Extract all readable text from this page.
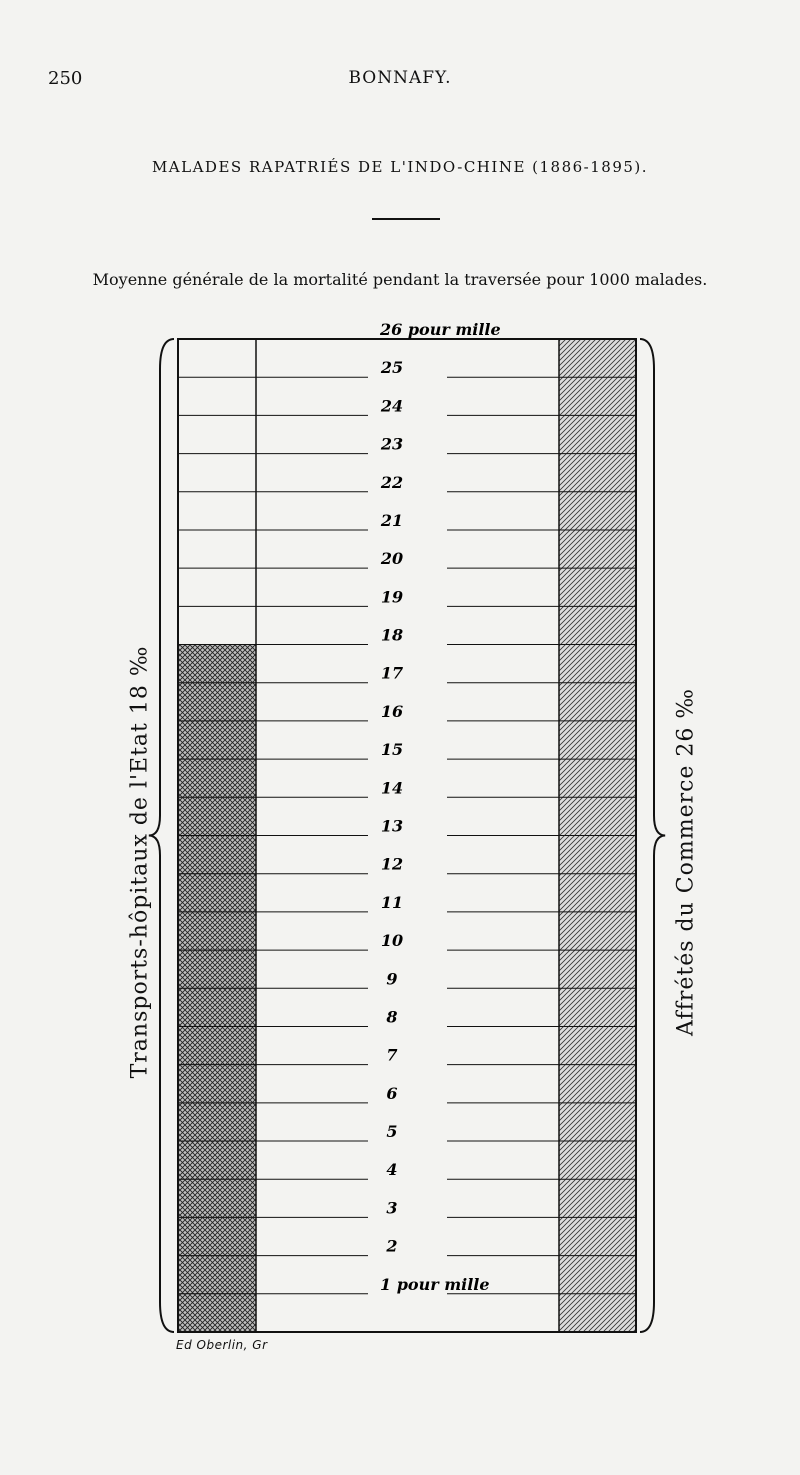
250	BONNAFY.
MALADES RAPATRIÉS DE L'INDO-CHINE (1886-1895).
Moyenne générale de la mortalité pendant la traversée pour 1000 malades.
26 pour mille
25
24
23
22
21
20
19
18
17
16
15
14
13
12
11
10
9
8
7
6
5
4
3
2
1 pour mille
Transports-hôpitaux de l'Etat 18 ‰	Affrétés du Commerce 26 ‰
Ed Oberlin, Gr
